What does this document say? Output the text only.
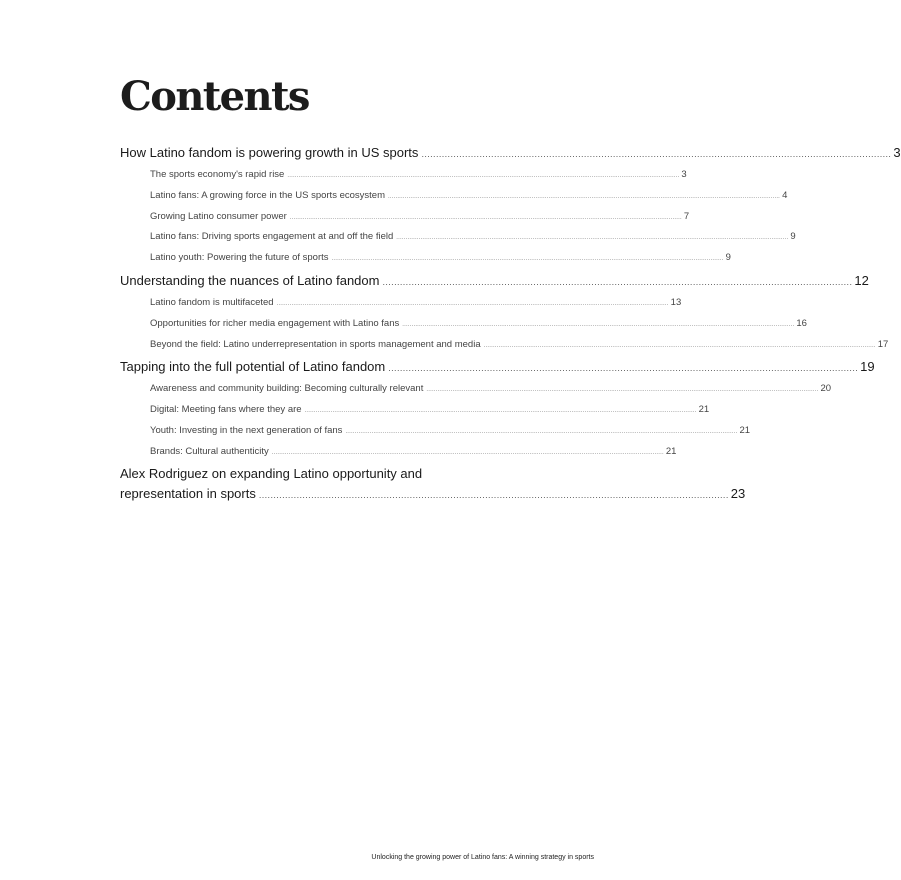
Contents
How Latino fandom is powering growth in US sports .................................................................................................................................................................. 3
The sports economy's rapid rise .................................................................................................................................................................................................................. 3
Latino fans: A growing force in the US sports ecosystem .................................................................................................................................................................................................................. 4
Growing Latino consumer power .................................................................................................................................................................................................................. 7
Latino fans: Driving sports engagement at and off the field .................................................................................................................................................................................................................. 9
Latino youth: Powering the future of sports .................................................................................................................................................................................................................. 9
Understanding the nuances of Latino fandom .................................................................................................................................................................. 12
Latino fandom is multifaceted .................................................................................................................................................................................................................. 13
Opportunities for richer media engagement with Latino fans .................................................................................................................................................................................................................. 16
Beyond the field: Latino underrepresentation in sports management and media .................................................................................................................................................................................................................. 17
Tapping into the full potential of Latino fandom .................................................................................................................................................................. 19
Awareness and community building: Becoming culturally relevant .................................................................................................................................................................................................................. 20
Digital: Meeting fans where they are .................................................................................................................................................................................................................. 21
Youth: Investing in the next generation of fans .................................................................................................................................................................................................................. 21
Brands: Cultural authenticity .................................................................................................................................................................................................................. 21
Alex Rodriguez on expanding Latino opportunity and
representation in sports .................................................................................................................................................................. 23
Unlocking the growing power of Latino fans: A winning strategy in sports
